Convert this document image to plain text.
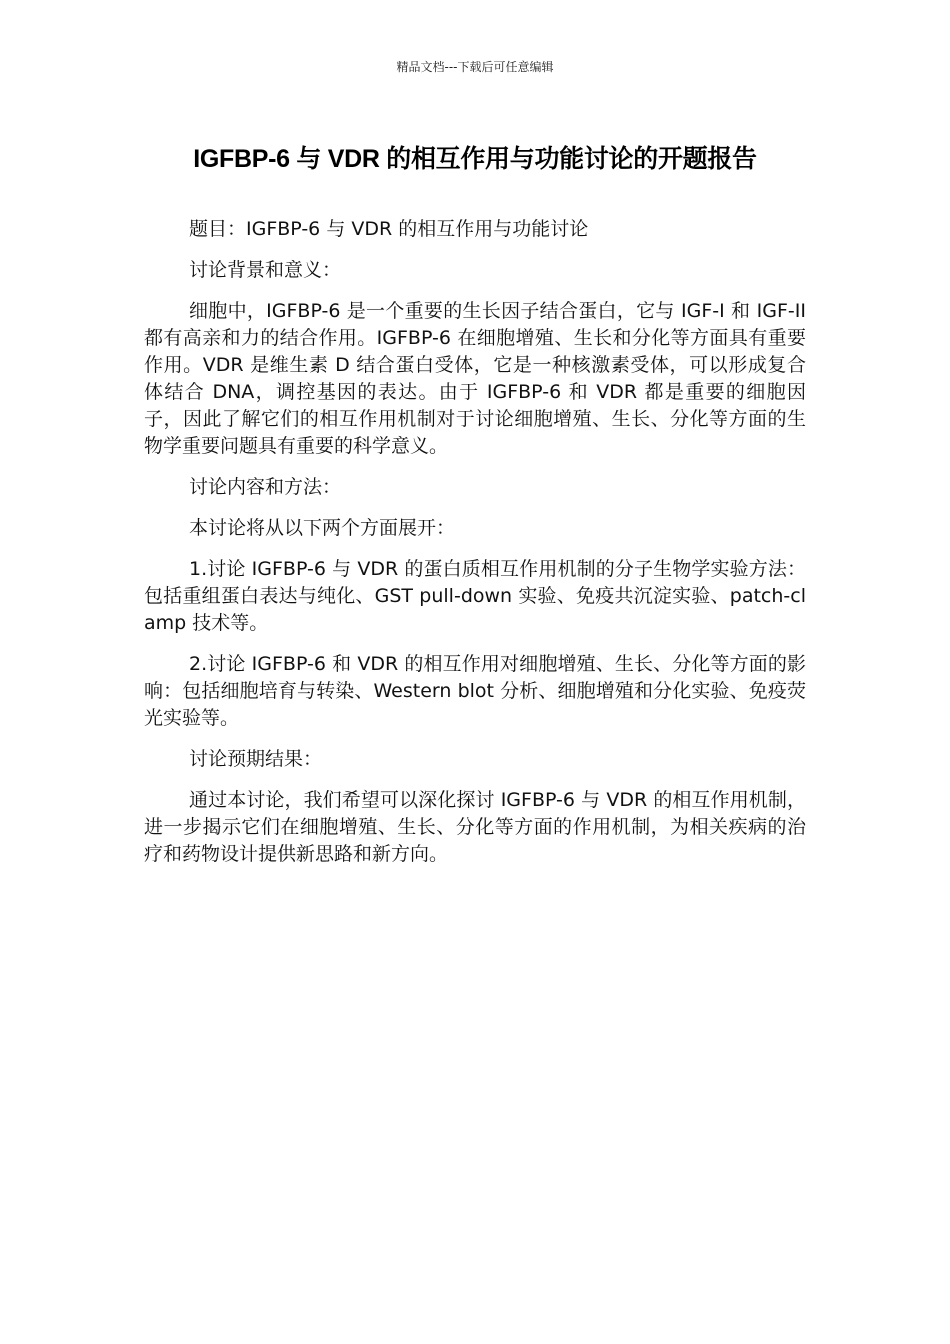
精品文档---下载后可任意编辑
IGFBP-6 与 VDR 的相互作用与功能讨论的开题报告

题目：IGFBP-6 与 VDR 的相互作用与功能讨论

讨论背景和意义：

细胞中，IGFBP-6 是一个重要的生长因子结合蛋白，它与 IGF-I 和 IGF-II 都有高亲和力的结合作用。IGFBP-6 在细胞增殖、生长和分化等方面具有重要作用。VDR 是维生素 D 结合蛋白受体，它是一种核激素受体，可以形成复合体结合 DNA，调控基因的表达。由于 IGFBP-6 和 VDR 都是重要的细胞因子，因此了解它们的相互作用机制对于讨论细胞增殖、生长、分化等方面的生物学重要问题具有重要的科学意义。

讨论内容和方法：

本讨论将从以下两个方面展开：

1.讨论 IGFBP-6 与 VDR 的蛋白质相互作用机制的分子生物学实验方法：包括重组蛋白表达与纯化、GST pull-down 实验、免疫共沉淀实验、patch-clamp 技术等。

2.讨论 IGFBP-6 和 VDR 的相互作用对细胞增殖、生长、分化等方面的影响：包括细胞培育与转染、Western blot 分析、细胞增殖和分化实验、免疫荧光实验等。

讨论预期结果：

通过本讨论，我们希望可以深化探讨 IGFBP-6 与 VDR 的相互作用机制，进一步揭示它们在细胞增殖、生长、分化等方面的作用机制，为相关疾病的治疗和药物设计提供新思路和新方向。
